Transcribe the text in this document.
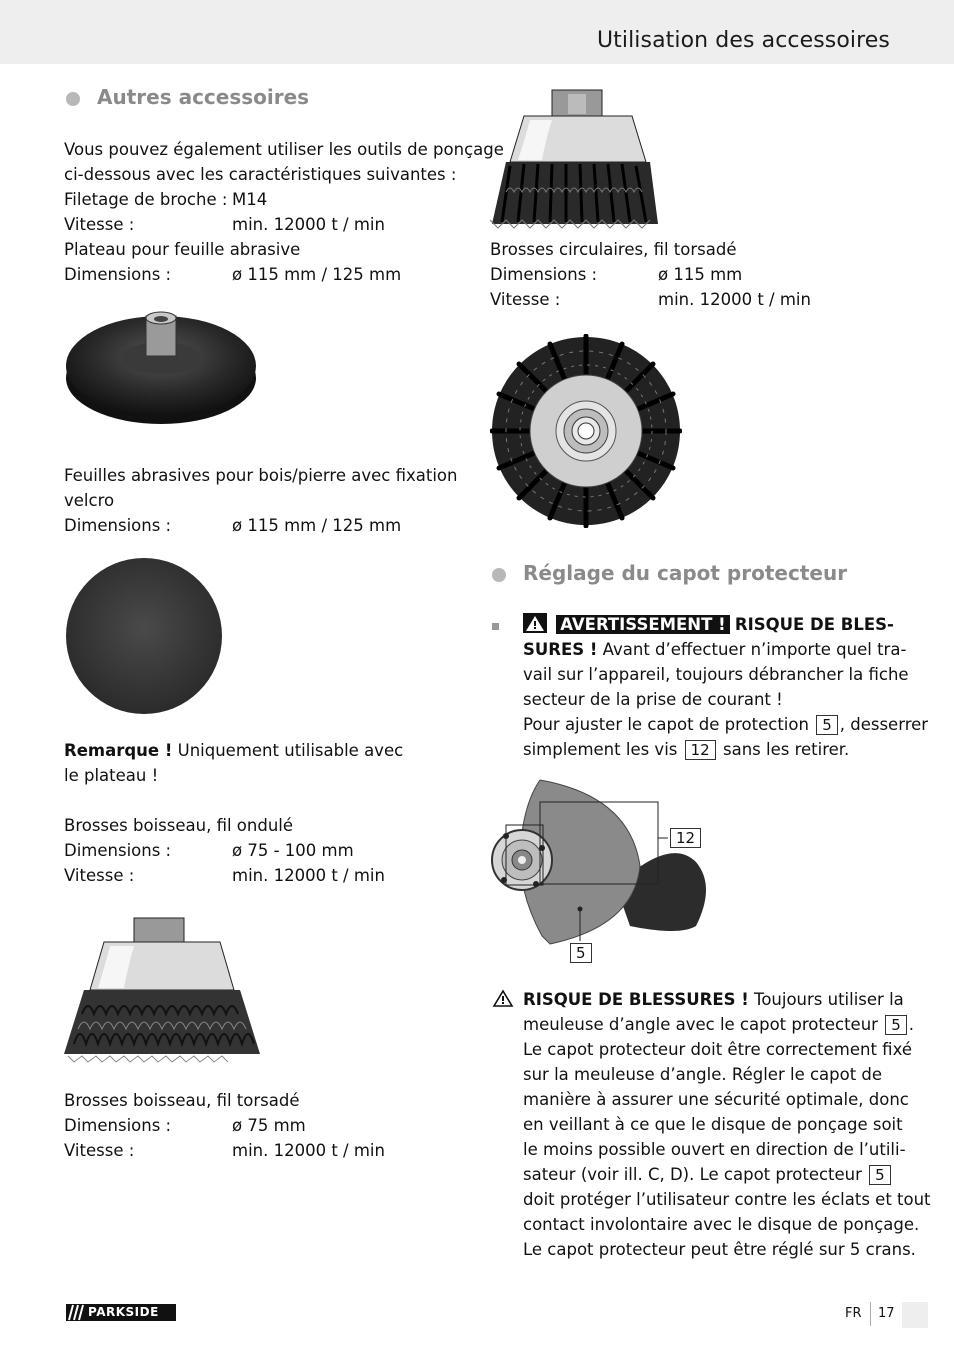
Utilisation des accessoires
Autres accessoires
Vous pouvez également utiliser les outils de ponçage
ci-dessous avec les caractéristiques suivantes :
Filetage de broche : M14
Vitesse :	min. 12000 t / min
Plateau pour feuille abrasive
Dimensions :	ø 115 mm / 125 mm
Feuilles abrasives pour bois/pierre avec fixation
velcro
Dimensions :	ø 115 mm / 125 mm
Remarque ! Uniquement utilisable avec
le plateau !
Brosses boisseau, fil ondulé
Dimensions :	ø 75 - 100 mm
Vitesse :	min. 12000 t / min
Brosses boisseau, fil torsadé
Dimensions :	ø 75 mm
Vitesse :	min. 12000 t / min
Brosses circulaires, fil torsadé
Dimensions :	ø 115 mm
Vitesse :	min. 12000 t / min
Réglage du capot protecteur
AVERTISSEMENT ! RISQUE DE BLES-
SURES ! Avant d’effectuer n’importe quel tra-
vail sur l’appareil, toujours débrancher la fiche
secteur de la prise de courant !
Pour ajuster le capot de protection 5 , desserrer
simplement les vis 12 sans les retirer.
12
5
RISQUE DE BLESSURES ! Toujours utiliser la
meuleuse d’angle avec le capot protecteur 5 .
Le capot protecteur doit être correctement fixé
sur la meuleuse d’angle. Régler le capot de
manière à assurer une sécurité optimale, donc
en veillant à ce que le disque de ponçage soit
le moins possible ouvert en direction de l’utili-
sateur (voir ill. C, D). Le capot protecteur 5
doit protéger l’utilisateur contre les éclats et tout
contact involontaire avec le disque de ponçage.
Le capot protecteur peut être réglé sur 5 crans.
PARKSIDE	FR 17
